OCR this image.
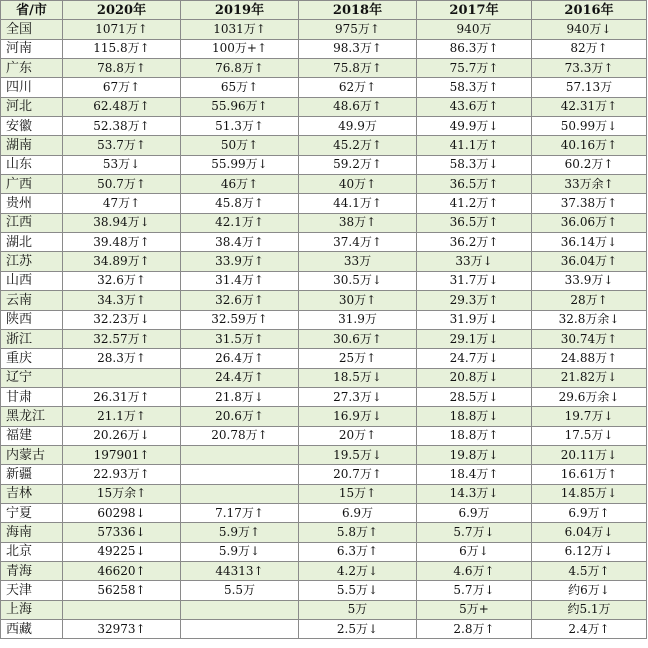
省/市	2020年	2019年	2018年	2017年	2016年
全国	1071万↑	1031万↑	975万↑	940万	940万↓
河南	115.8万↑	100万+↑	98.3万↑	86.3万↑	82万↑
广东	78.8万↑	76.8万↑	75.8万↑	75.7万↑	73.3万↑
四川	67万↑	65万↑	62万↑	58.3万↑	57.13万
河北	62.48万↑	55.96万↑	48.6万↑	43.6万↑	42.31万↑
安徽	52.38万↑	51.3万↑	49.9万	49.9万↓	50.99万↓
湖南	53.7万↑	50万↑	45.2万↑	41.1万↑	40.16万↑
山东	53万↓	55.99万↓	59.2万↑	58.3万↓	60.2万↑
广西	50.7万↑	46万↑	40万↑	36.5万↑	33万余↑
贵州	47万↑	45.8万↑	44.1万↑	41.2万↑	37.38万↑
江西	38.94万↓	42.1万↑	38万↑	36.5万↑	36.06万↑
湖北	39.48万↑	38.4万↑	37.4万↑	36.2万↑	36.14万↓
江苏	34.89万↑	33.9万↑	33万	33万↓	36.04万↑
山西	32.6万↑	31.4万↑	30.5万↓	31.7万↓	33.9万↓
云南	34.3万↑	32.6万↑	30万↑	29.3万↑	28万↑
陕西	32.23万↓	32.59万↑	31.9万	31.9万↓	32.8万余↓
浙江	32.57万↑	31.5万↑	30.6万↑	29.1万↓	30.74万↑
重庆	28.3万↑	26.4万↑	25万↑	24.7万↓	24.88万↑
辽宁		24.4万↑	18.5万↓	20.8万↓	21.82万↓
甘肃	26.31万↑	21.8万↓	27.3万↓	28.5万↓	29.6万余↓
黑龙江	21.1万↑	20.6万↑	16.9万↓	18.8万↓	19.7万↓
福建	20.26万↓	20.78万↑	20万↑	18.8万↑	17.5万↓
内蒙古	197901↑		19.5万↓	19.8万↓	20.11万↓
新疆	22.93万↑		20.7万↑	18.4万↑	16.61万↑
吉林	15万余↑		15万↑	14.3万↓	14.85万↓
宁夏	60298↓	7.17万↑	6.9万	6.9万	6.9万↑
海南	57336↓	5.9万↑	5.8万↑	5.7万↓	6.04万↓
北京	49225↓	5.9万↓	6.3万↑	6万↓	6.12万↓
青海	46620↑	44313↑	4.2万↓	4.6万↑	4.5万↑
天津	56258↑	5.5万	5.5万↓	5.7万↓	约6万↓
上海			5万	5万+	约5.1万
西藏	32973↑		2.5万↓	2.8万↑	2.4万↑
